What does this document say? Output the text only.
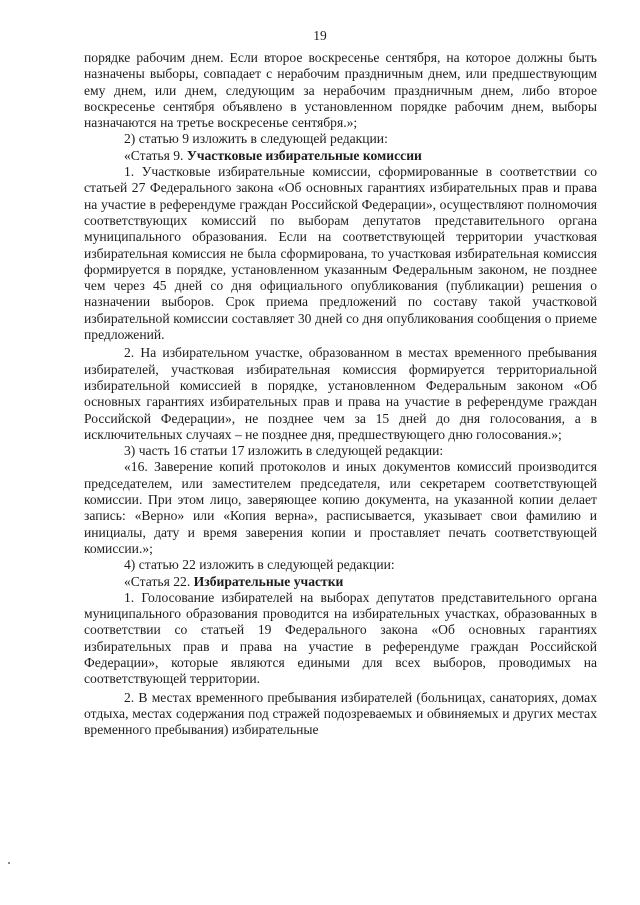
19

порядке рабочим днем. Если второе воскресенье сентября, на которое должны быть назначены выборы, совпадает с нерабочим праздничным днем, или предшествующим ему днем, или днем, следующим за нерабочим праздничным днем, либо второе воскресенье сентября объявлено в установленном порядке рабочим днем, выборы назначаются на третье воскресенье сентября.»;

2) статью 9 изложить в следующей редакции:

«Статья 9. Участковые избирательные комиссии

1. Участковые избирательные комиссии, сформированные в соответствии со статьей 27 Федерального закона «Об основных гарантиях избирательных прав и права на участие в референдуме граждан Российской Федерации», осуществляют полномочия соответствующих комиссий по выборам депутатов представительного органа муниципального образования. Если на соответствующей территории участковая избирательная комиссия не была сформирована, то участковая избирательная комиссия формируется в порядке, установленном указанным Федеральным законом, не позднее чем через 45 дней со дня официального опубликования (публикации) решения о назначении выборов. Срок приема предложений по составу такой участковой избирательной комиссии составляет 30 дней со дня опубликования сообщения о приеме предложений.

2. На избирательном участке, образованном в местах временного пребывания избирателей, участковая избирательная комиссия формируется территориальной избирательной комиссией в порядке, установленном Федеральным законом «Об основных гарантиях избирательных прав и права на участие в референдуме граждан Российской Федерации», не позднее чем за 15 дней до дня голосования, а в исключительных случаях – не позднее дня, предшествующего дню голосования.»;

3) часть 16 статьи 17 изложить в следующей редакции:

«16. Заверение копий протоколов и иных документов комиссий производится председателем, или заместителем председателя, или секретарем соответствующей комиссии. При этом лицо, заверяющее копию документа, на указанной копии делает запись: «Верно» или «Копия верна», расписывается, указывает свои фамилию и инициалы, дату и время заверения копии и проставляет печать соответствующей комиссии.»;

4) статью 22 изложить в следующей редакции:

«Статья 22. Избирательные участки

1. Голосование избирателей на выборах депутатов представительного органа муниципального образования проводится на избирательных участках, образованных в соответствии со статьей 19 Федерального закона «Об основных гарантиях избирательных прав и права на участие в референдуме граждан Российской Федерации», которые являются едиными для всех выборов, проводимых на соответствующей территории.

2. В местах временного пребывания избирателей (больницах, санаториях, домах отдыха, местах содержания под стражей подозреваемых и обвиняемых и других местах временного пребывания) избирательные
